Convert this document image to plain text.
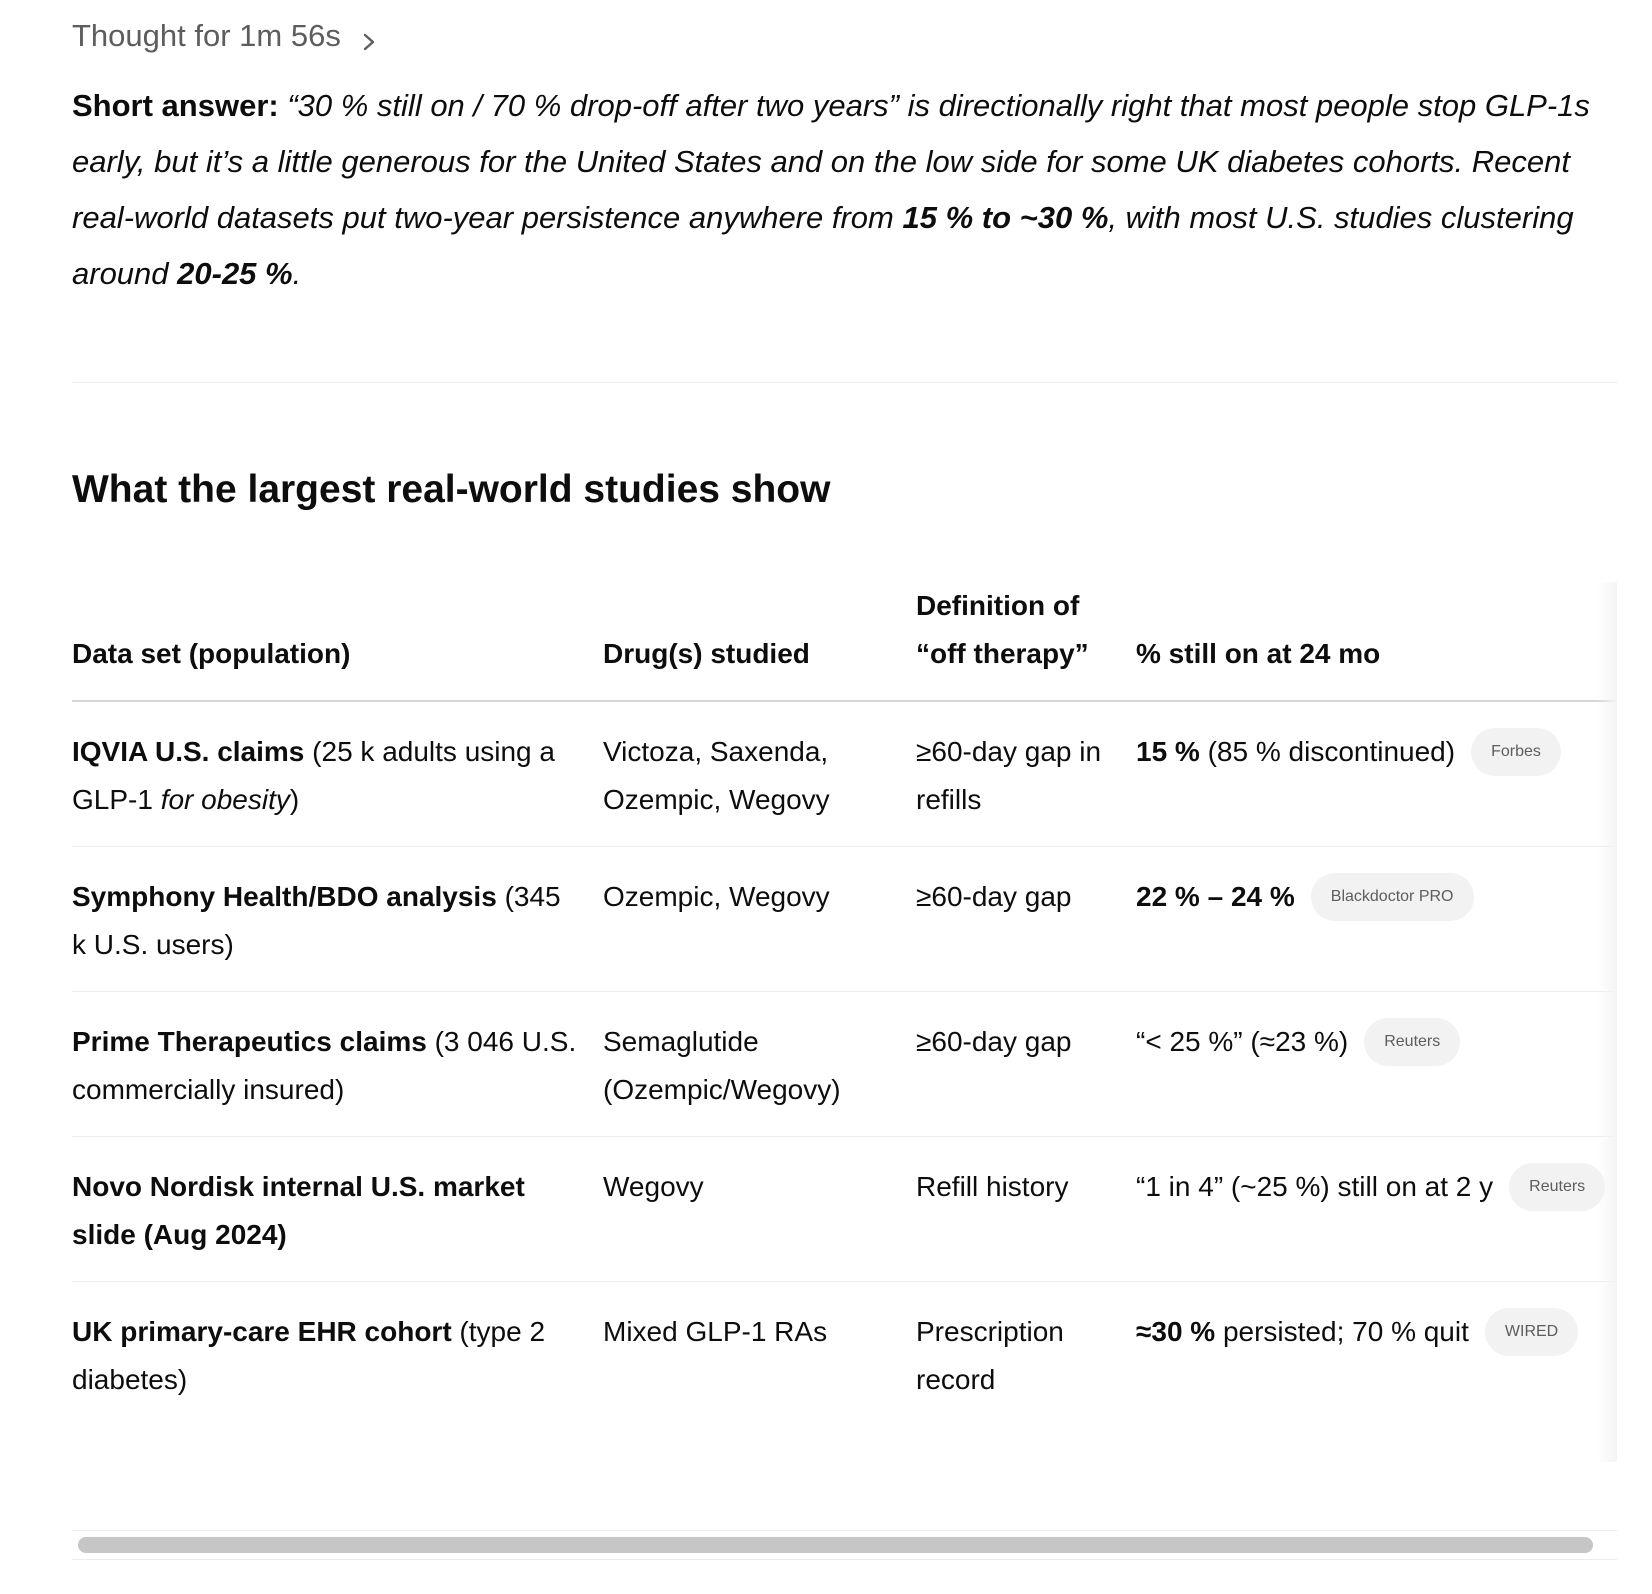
Thought for 1m 56s

Short answer: “30 % still on / 70 % drop-off after two years” is directionally right that most people stop GLP-1s early, but it’s a little generous for the United States and on the low side for some UK diabetes cohorts. Recent real-world datasets put two-year persistence anywhere from 15 % to ~30 %, with most U.S. studies clustering around 20-25 %.

What the largest real-world studies show
Data set (population)	Drug(s) studied	Definition of “off therapy”	% still on at 24 mo

IQVIA U.S. claims (25 k adults using a GLP-1 for obesity)	Victoza, Saxenda, Ozempic, Wegovy	≥60-day gap in refills	15 % (85 % discontinued) Forbes

Symphony Health/BDO analysis (345 k U.S. users)	Ozempic, Wegovy	≥60-day gap	22 % – 24 % Blackdoctor PRO

Prime Therapeutics claims (3 046 U.S. commercially insured)	Semaglutide (Ozempic/Wegovy)	≥60-day gap	“< 25 %” (≈23 %) Reuters

Novo Nordisk internal U.S. market slide (Aug 2024)	Wegovy	Refill history	“1 in 4” (~25 %) still on at 2 y Reuters

UK primary-care EHR cohort (type 2 diabetes)	Mixed GLP-1 RAs	Prescription record	≈30 % persisted; 70 % quit WIRED
